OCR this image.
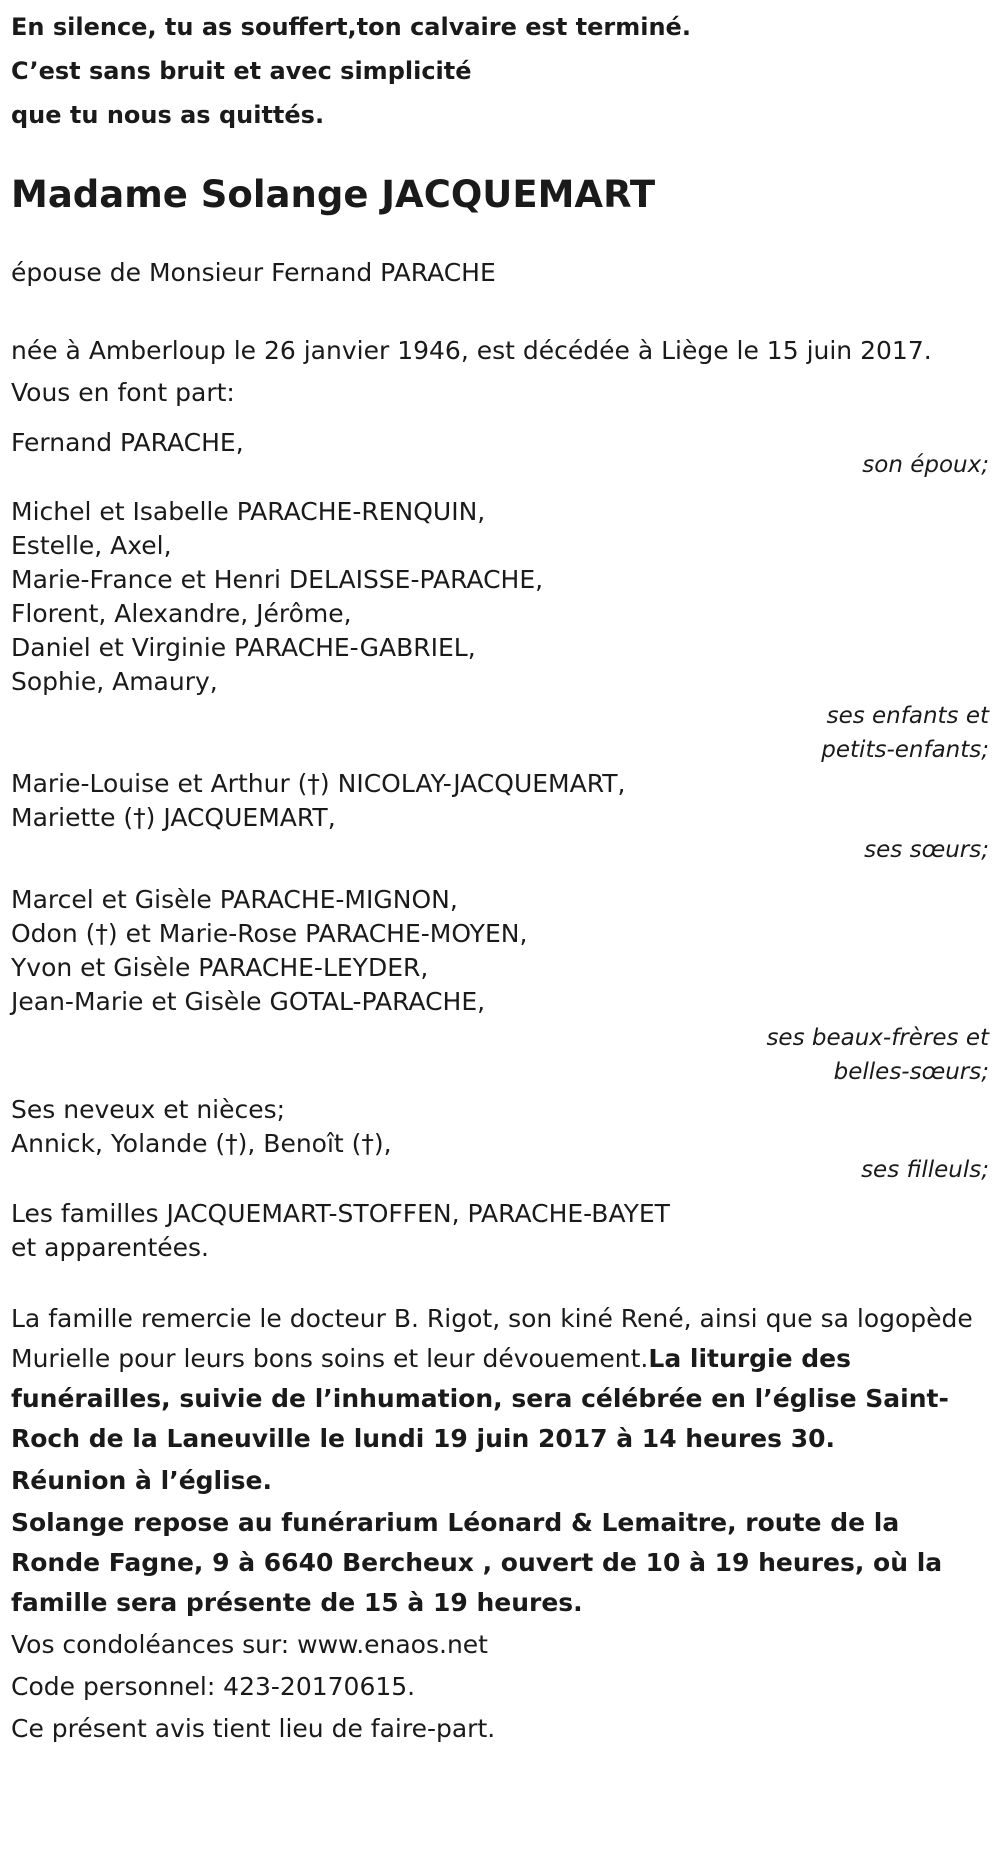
En silence, tu as souffert,ton calvaire est terminé.

C’est sans bruit et avec simplicité

que tu nous as quittés.

Madame Solange JACQUEMART

épouse de Monsieur Fernand PARACHE

née à Amberloup le 26 janvier 1946, est décédée à Liège le 15 juin 2017.

Vous en font part:

Fernand PARACHE,

son époux;

Michel et Isabelle PARACHE-RENQUIN,

Estelle, Axel,

Marie-France et Henri DELAISSE-PARACHE,

Florent, Alexandre, Jérôme,

Daniel et Virginie PARACHE-GABRIEL,

Sophie, Amaury,

ses enfants et

petits-enfants;

Marie-Louise et Arthur (†) NICOLAY-JACQUEMART,

Mariette (†) JACQUEMART,

ses sœurs;

Marcel et Gisèle PARACHE-MIGNON,

Odon (†) et Marie-Rose PARACHE-MOYEN,

Yvon et Gisèle PARACHE-LEYDER,

Jean-Marie et Gisèle GOTAL-PARACHE,

ses beaux-frères et

belles-sœurs;

Ses neveux et nièces;

Annick, Yolande (†), Benoît (†),

ses filleuls;

Les familles JACQUEMART-STOFFEN, PARACHE-BAYET

et apparentées.

La famille remercie le docteur B. Rigot, son kiné René, ainsi que sa logopède Murielle pour leurs bons soins et leur dévouement.La liturgie des funérailles, suivie de l’inhumation, sera célébrée en l’église Saint-Roch de la Laneuville le lundi 19 juin 2017 à 14 heures 30.

Réunion à l’église.

Solange repose au funérarium Léonard & Lemaitre, route de la Ronde Fagne, 9 à 6640 Bercheux , ouvert de 10 à 19 heures, où la famille sera présente de 15 à 19 heures.

Vos condoléances sur: www.enaos.net

Code personnel: 423-20170615.

Ce présent avis tient lieu de faire-part.
